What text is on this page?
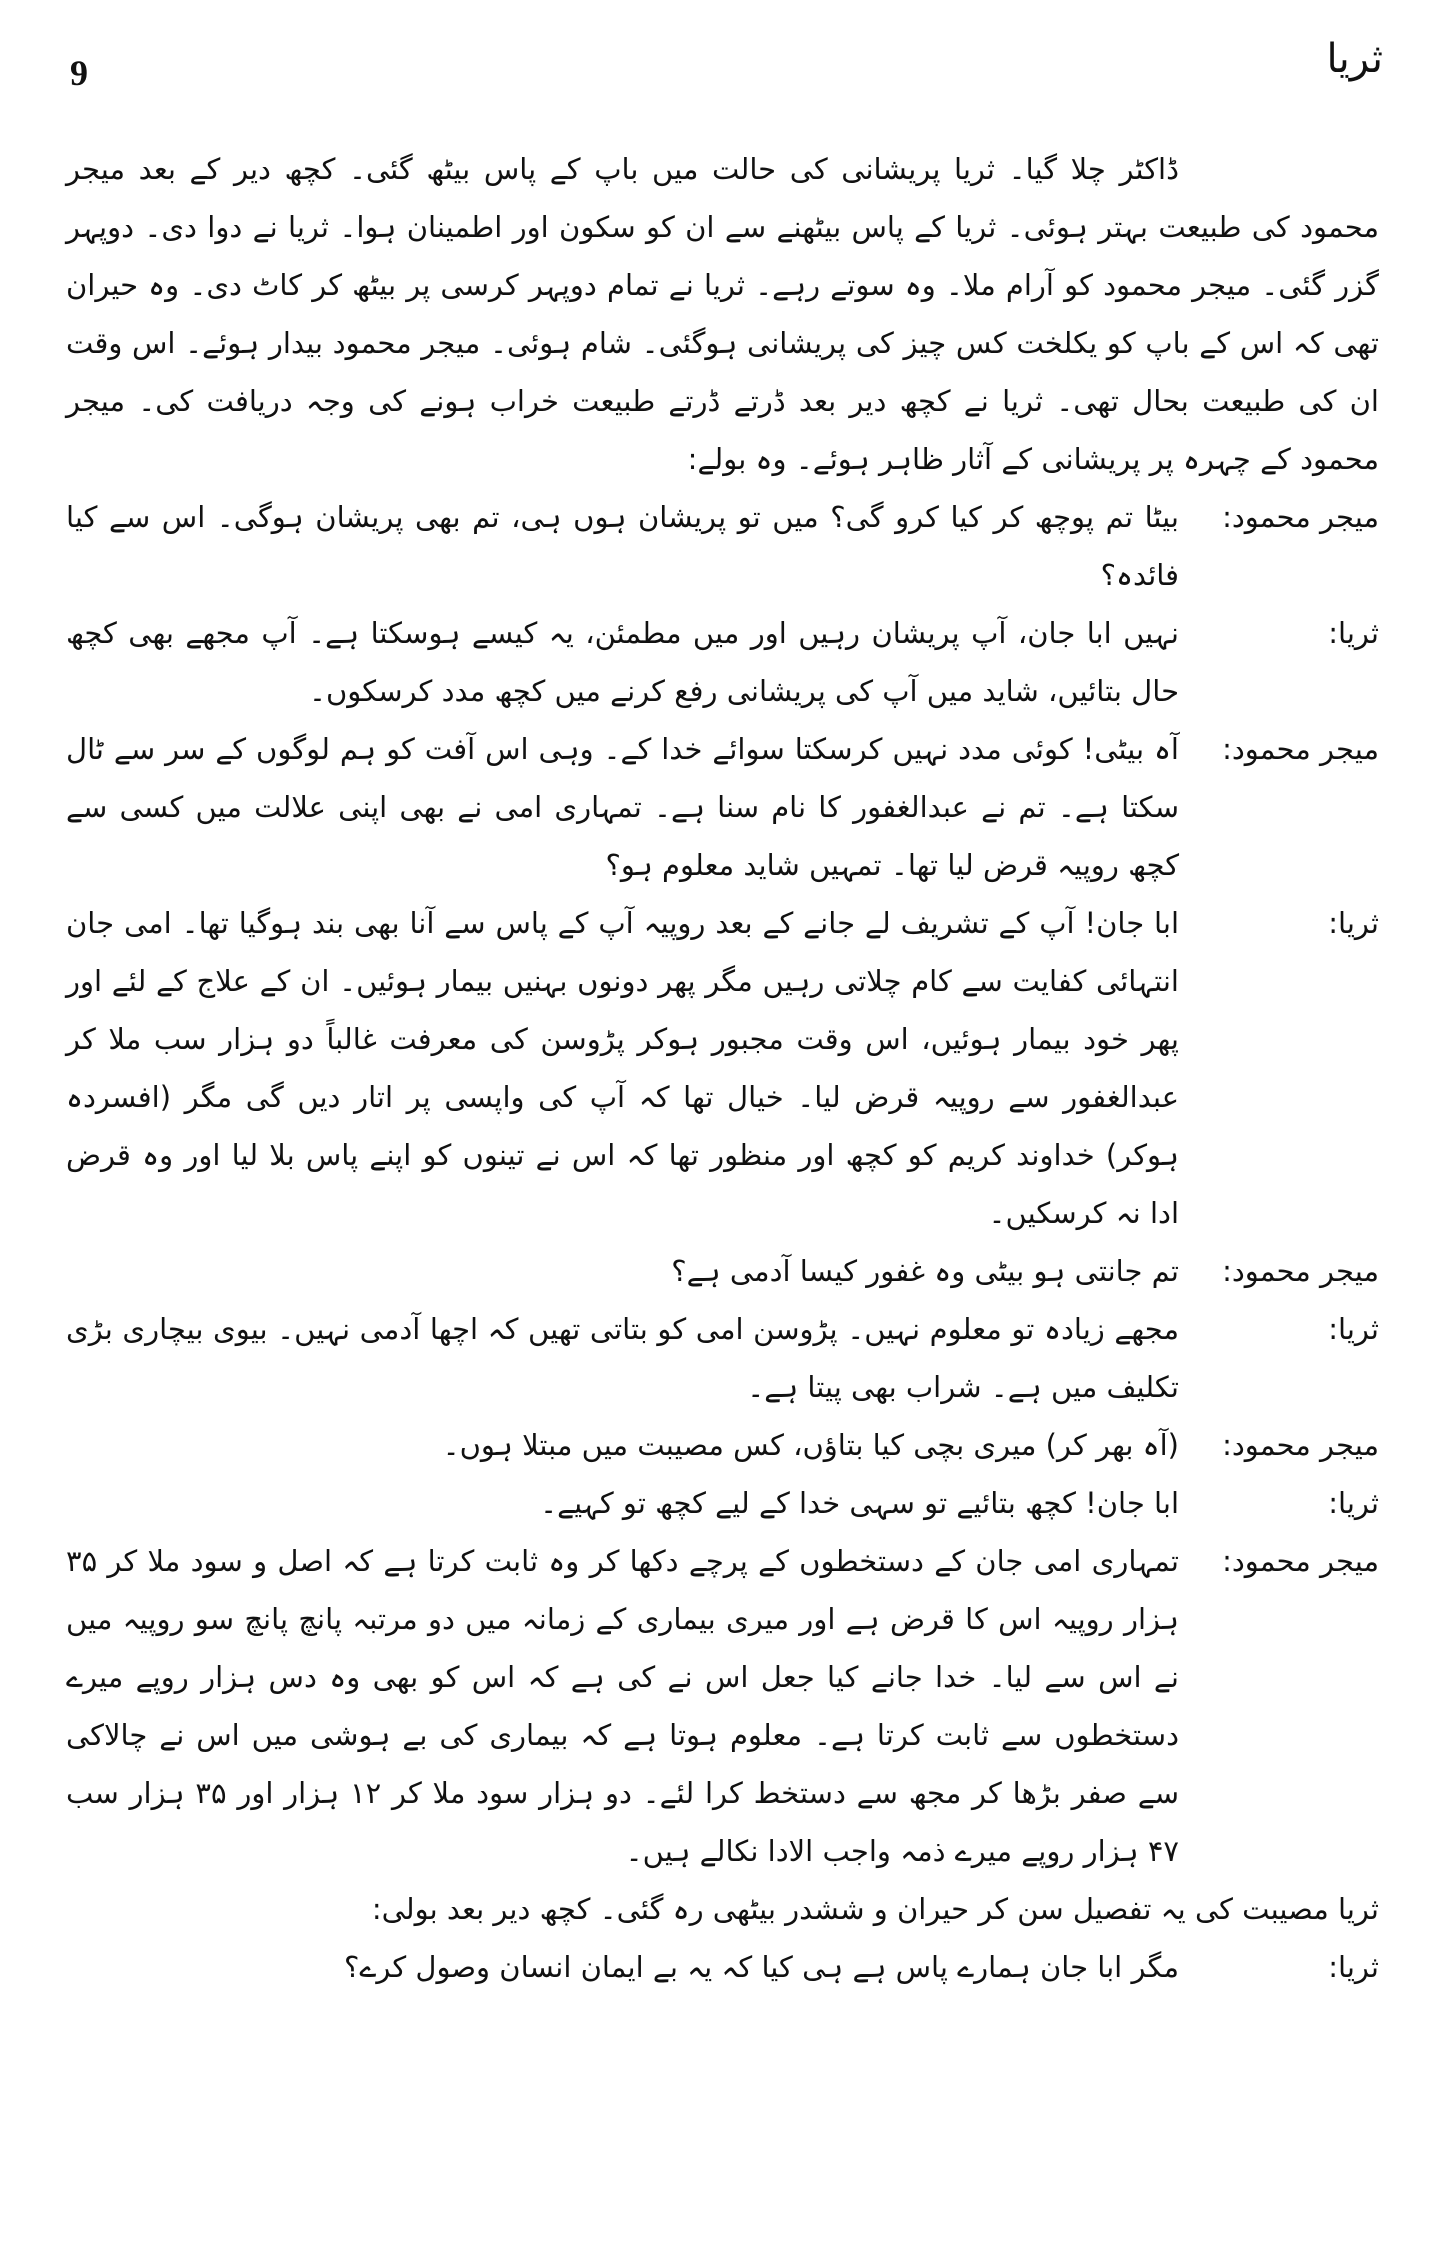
9	ثریا

ڈاکٹر چلا گیا۔ ثریا پریشانی کی حالت میں باپ کے پاس بیٹھ گئی۔ کچھ دیر کے بعد میجر محمود کی طبیعت بہتر ہوئی۔ ثریا کے پاس بیٹھنے سے ان کو سکون اور اطمینان ہوا۔ ثریا نے دوا دی۔ دوپہر گزر گئی۔ میجر محمود کو آرام ملا۔ وہ سوتے رہے۔ ثریا نے تمام دوپہر کرسی پر بیٹھ کر کاٹ دی۔ وہ حیران تھی کہ اس کے باپ کو یکلخت کس چیز کی پریشانی ہوگئی۔ شام ہوئی۔ میجر محمود بیدار ہوئے۔ اس وقت ان کی طبیعت بحال تھی۔ ثریا نے کچھ دیر بعد ڈرتے ڈرتے طبیعت خراب ہونے کی وجہ دریافت کی۔ میجر محمود کے چہرہ پر پریشانی کے آثار ظاہر ہوئے۔ وہ بولے:

میجر محمود:

بیٹا تم پوچھ کر کیا کرو گی؟ میں تو پریشان ہوں ہی، تم بھی پریشان ہوگی۔ اس سے کیا فائدہ؟

ثریا:

نہیں ابا جان، آپ پریشان رہیں اور میں مطمئن، یہ کیسے ہوسکتا ہے۔ آپ مجھے بھی کچھ حال بتائیں، شاید میں آپ کی پریشانی رفع کرنے میں کچھ مدد کرسکوں۔

میجر محمود:

آہ بیٹی! کوئی مدد نہیں کرسکتا سوائے خدا کے۔ وہی اس آفت کو ہم لوگوں کے سر سے ٹال سکتا ہے۔ تم نے عبدالغفور کا نام سنا ہے۔ تمہاری امی نے بھی اپنی علالت میں کسی سے کچھ روپیہ قرض لیا تھا۔ تمہیں شاید معلوم ہو؟

ثریا:

ابا جان! آپ کے تشریف لے جانے کے بعد روپیہ آپ کے پاس سے آنا بھی بند ہوگیا تھا۔ امی جان انتہائی کفایت سے کام چلاتی رہیں مگر پھر دونوں بہنیں بیمار ہوئیں۔ ان کے علاج کے لئے اور پھر خود بیمار ہوئیں، اس وقت مجبور ہوکر پڑوسن کی معرفت غالباً دو ہزار سب ملا کر عبدالغفور سے روپیہ قرض لیا۔ خیال تھا کہ آپ کی واپسی پر اتار دیں گی مگر (افسردہ ہوکر) خداوند کریم کو کچھ اور منظور تھا کہ اس نے تینوں کو اپنے پاس بلا لیا اور وہ قرض ادا نہ کرسکیں۔

میجر محمود:

تم جانتی ہو بیٹی وہ غفور کیسا آدمی ہے؟

ثریا:

مجھے زیادہ تو معلوم نہیں۔ پڑوسن امی کو بتاتی تھیں کہ اچھا آدمی نہیں۔ بیوی بیچاری بڑی تکلیف میں ہے۔ شراب بھی پیتا ہے۔

میجر محمود:

(آہ بھر کر) میری بچی کیا بتاؤں، کس مصیبت میں مبتلا ہوں۔

ثریا:

ابا جان! کچھ بتائیے تو سہی خدا کے لیے کچھ تو کہیے۔

میجر محمود:

تمہاری امی جان کے دستخطوں کے پرچے دکھا کر وہ ثابت کرتا ہے کہ اصل و سود ملا کر ۳۵ ہزار روپیہ اس کا قرض ہے اور میری بیماری کے زمانہ میں دو مرتبہ پانچ پانچ سو روپیہ میں نے اس سے لیا۔ خدا جانے کیا جعل اس نے کی ہے کہ اس کو بھی وہ دس ہزار روپے میرے دستخطوں سے ثابت کرتا ہے۔ معلوم ہوتا ہے کہ بیماری کی بے ہوشی میں اس نے چالاکی سے صفر بڑھا کر مجھ سے دستخط کرا لئے۔ دو ہزار سود ملا کر ۱۲ ہزار اور ۳۵ ہزار سب ۴۷ ہزار روپے میرے ذمہ واجب الادا نکالے ہیں۔

ثریا مصیبت کی یہ تفصیل سن کر حیران و ششدر بیٹھی رہ گئی۔ کچھ دیر بعد بولی:

ثریا:

مگر ابا جان ہمارے پاس ہے ہی کیا کہ یہ بے ایمان انسان وصول کرے؟
